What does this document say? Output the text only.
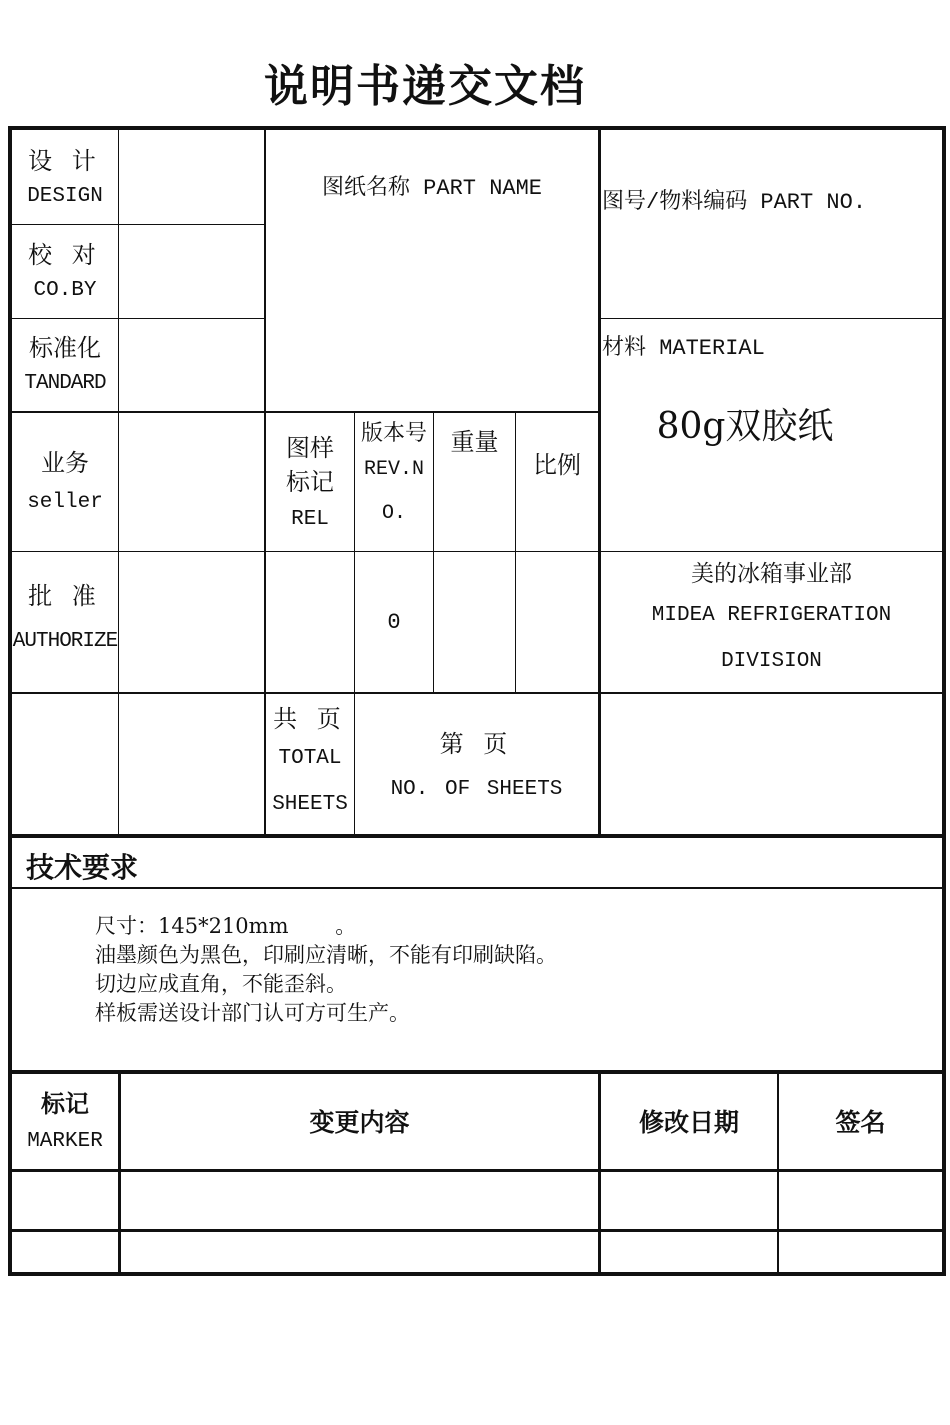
说明书递交文档
设 计
DESIGN
校 对
CO.BY
标准化
TANDARD
业务
seller
批 准
AUTHORIZE
图纸名称 PART NAME
图号/物料编码 PART NO.
材料 MATERIAL
80g双胶纸
图样标记
REL
版本号
REV.NO.
重量
比例
0
美的冰箱事业部
MIDEA REFRIGERATION DIVISION
共 页
TOTAL SHEETS
第 页
NO. OF SHEETS
技术要求
尺寸：145*210mm       。
油墨颜色为黑色，印刷应清晰，不能有印刷缺陷。
切边应成直角，不能歪斜。
样板需送设计部门认可方可生产。
标记
MARKER
变更内容	修改日期	签名
